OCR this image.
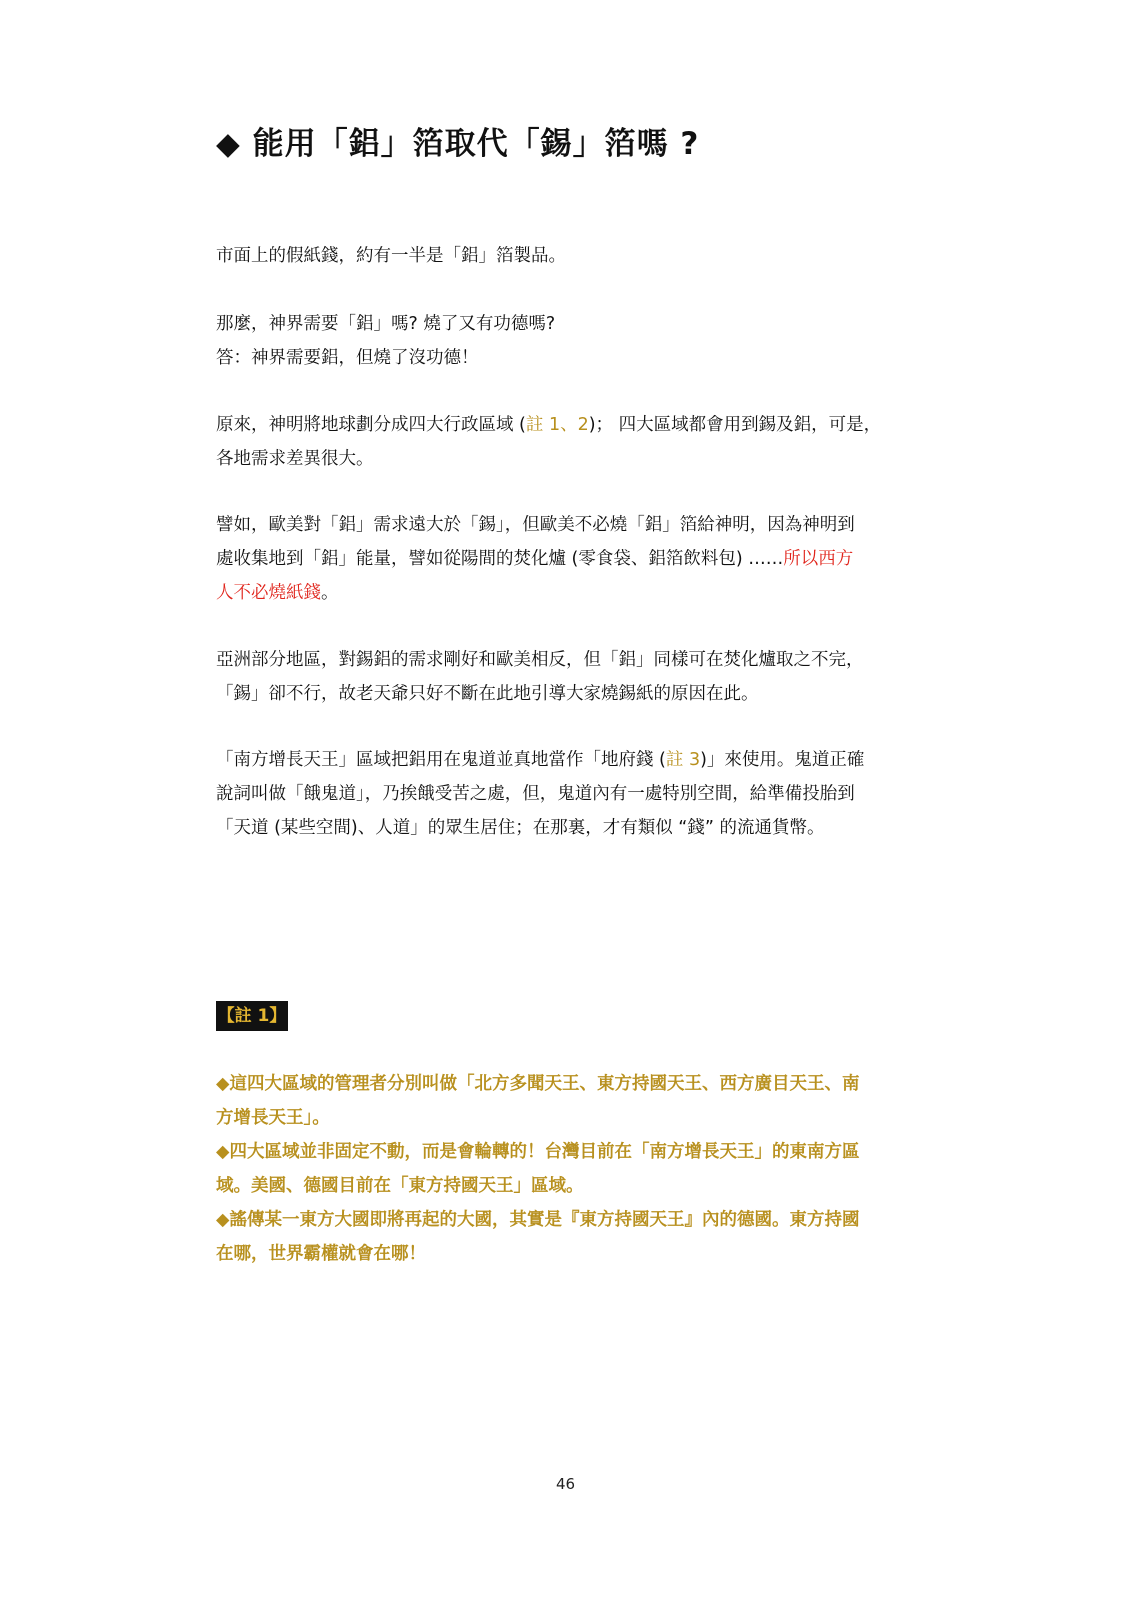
◆ 能用「鋁」箔取代「錫」箔嗎 ?
市面上的假紙錢，約有一半是「鋁」箔製品。
那麼，神界需要「鋁」嗎? 燒了又有功德嗎?
答：神界需要鋁，但燒了沒功德！
原來，神明將地球劃分成四大行政區域 (註 1、2)； 四大區域都會用到錫及鋁，可是，
各地需求差異很大。
譬如，歐美對「鋁」需求遠大於「錫」，但歐美不必燒「鋁」箔給神明，因為神明到
處收集地到「鋁」能量，譬如從陽間的焚化爐 (零食袋、鋁箔飲料包) ……所以西方
人不必燒紙錢。
亞洲部分地區，對錫鋁的需求剛好和歐美相反，但「鋁」同樣可在焚化爐取之不完，
「錫」卻不行，故老天爺只好不斷在此地引導大家燒錫紙的原因在此。
「南方增長天王」區域把鋁用在鬼道並真地當作「地府錢 (註 3)」來使用。鬼道正確
說詞叫做「餓鬼道」，乃挨餓受苦之處，但，鬼道內有一處特別空間，給準備投胎到
「天道 (某些空間)、人道」的眾生居住；在那裏，才有類似 “錢” 的流通貨幣。
【註 1】
◆這四大區域的管理者分別叫做「北方多聞天王、東方持國天王、西方廣目天王、南
方增長天王」。
◆四大區域並非固定不動，而是會輪轉的！台灣目前在「南方增長天王」的東南方區
域。美國、德國目前在「東方持國天王」區域。
◆謠傳某一東方大國即將再起的大國，其實是『東方持國天王』內的德國。東方持國
在哪，世界霸權就會在哪！
46
